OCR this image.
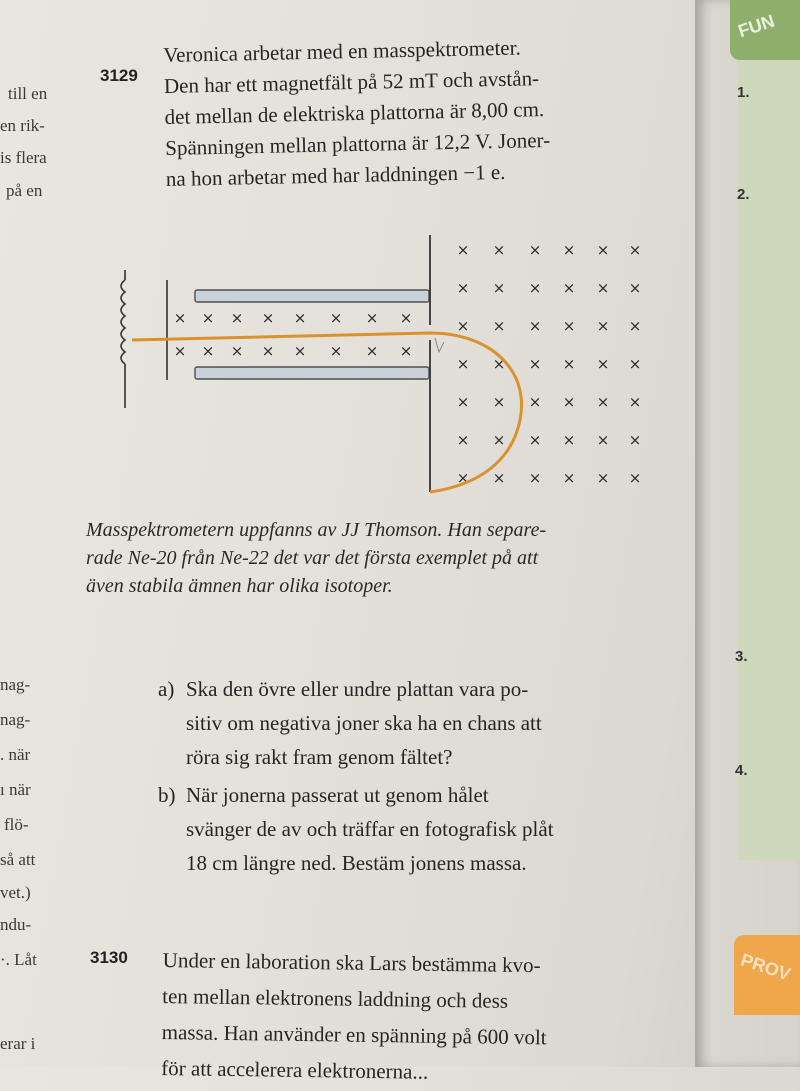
till en
en rik-
is flera
på en
nag-
nag-
. när
ı när
flö-
så att
vet.)
ndu-
·. Låt
erar i
FUN
1.
2.
3.
4.
PROV
3129
Veronica arbetar med en masspektrometer.
Den har ett magnetfält på 52 mT och avstån-
det mellan de elektriska plattorna är 8,00 cm.
Spänningen mellan plattorna är 12,2 V. Joner-
na hon arbetar med har laddningen −1 e.
× × × × × × × ×
× × × × × × × ×
× × × × × ×
× × × × × ×
× × × × × ×
× × × × × ×
× × × × × ×
× × × × × ×
× × × × × ×
Masspektrometern uppfanns av JJ Thomson. Han separe-
rade Ne-20 från Ne-22 det var det första exemplet på att
även stabila ämnen har olika isotoper.
a) Ska den övre eller undre plattan vara po-
sitiv om negativa joner ska ha en chans att
röra sig rakt fram genom fältet?
b) När jonerna passerat ut genom hålet
svänger de av och träffar en fotografisk plåt
18 cm längre ned. Bestäm jonens massa.
3130 Under en laboration ska Lars bestämma kvo-
ten mellan elektronens laddning och dess
massa. Han använder en spänning på 600 volt
för att accelerera elektronerna...
